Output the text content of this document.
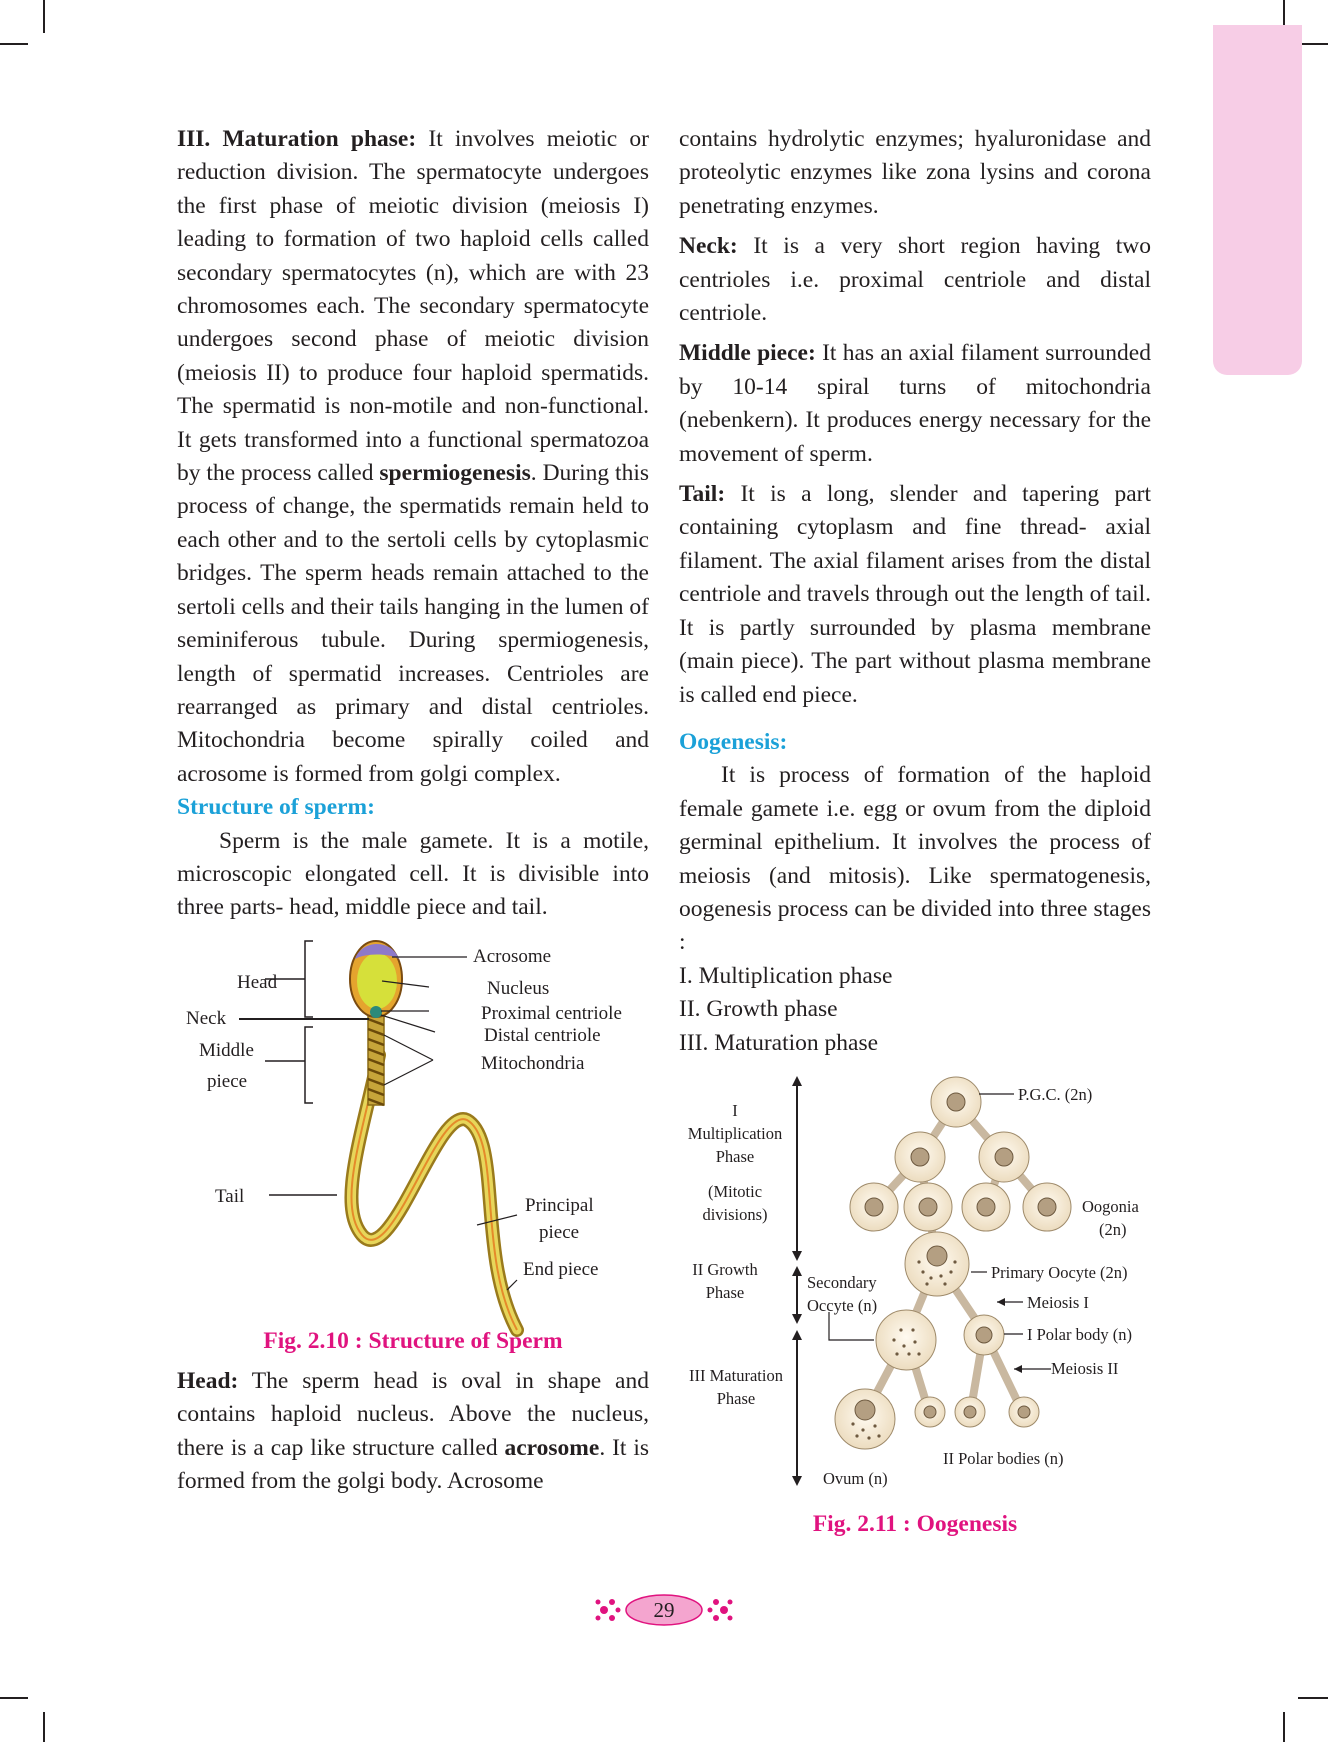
III. Maturation phase: It involves meiotic or reduction division. The spermatocyte undergoes the first phase of meiotic division (meiosis I) leading to formation of two haploid cells called secondary spermatocytes (n), which are with 23 chromosomes each. The secondary spermatocyte undergoes second phase of meiotic division (meiosis II) to produce four haploid spermatids. The spermatid is non-motile and non-functional. It gets transformed into a functional spermatozoa by the process called spermiogenesis. During this process of change, the spermatids remain held to each other and to the sertoli cells by cytoplasmic bridges. The sperm heads remain attached to the sertoli cells and their tails hanging in the lumen of seminiferous tubule. During spermiogenesis, length of spermatid increases. Centrioles are rearranged as primary and distal centrioles. Mitochondria become spirally coiled and acrosome is formed from golgi complex.

Structure of sperm:

Sperm is the male gamete. It is a motile, microscopic elongated cell. It is divisible into three parts- head, middle piece and tail.

Head
Neck
Middle
piece
Tail
Acrosome
Nucleus
Proximal centriole
Distal centriole
Mitochondria
Principal
piece
End piece
Fig. 2.10 : Structure of Sperm

Head: The sperm head is oval in shape and contains haploid nucleus. Above the nucleus, there is a cap like structure called acrosome. It is formed from the golgi body. Acrosome

contains hydrolytic enzymes; hyaluronidase and proteolytic enzymes like zona lysins and corona penetrating enzymes.

Neck: It is a very short region having two centrioles i.e. proximal centriole and distal centriole.

Middle piece: It has an axial filament surrounded by 10-14 spiral turns of mitochondria (nebenkern). It produces energy necessary for the movement of sperm.

Tail: It is a long, slender and tapering part containing cytoplasm and fine thread- axial filament. The axial filament arises from the distal centriole and travels through out the length of tail. It is partly surrounded by plasma membrane (main piece). The part without plasma membrane is called end piece.

Oogenesis:

It is process of formation of the haploid female gamete i.e. egg or ovum from the diploid germinal epithelium. It involves the process of meiosis (and mitosis). Like spermatogenesis, oogenesis process can be divided into three stages :

I. Multiplication phase

II. Growth phase

III. Maturation phase

I
Multiplication
Phase
(Mitotic
divisions)
II Growth
Phase
III Maturation
Phase
P.G.C. (2n)
Oogonia
(2n)
Primary Oocyte (2n)
Meiosis I
Secondary
Occyte (n)
I Polar body (n)
Meiosis II
II Polar bodies (n)
Ovum (n)
Fig. 2.11 : Oogenesis
29
